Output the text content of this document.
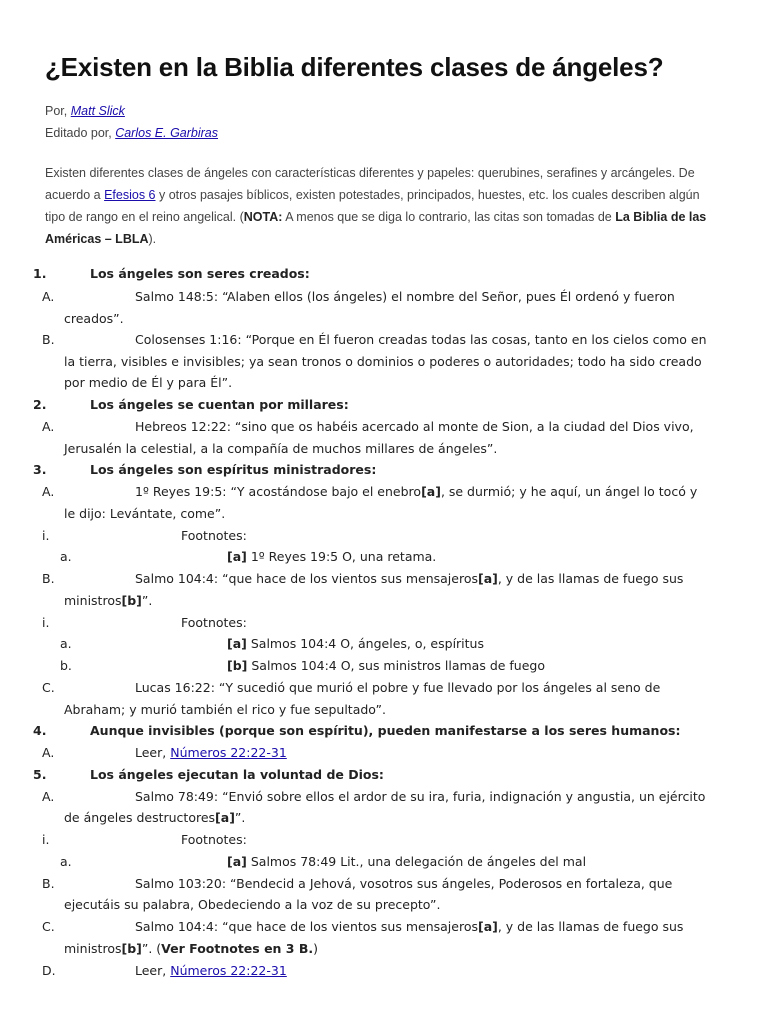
¿Existen en la Biblia diferentes clases de ángeles?
Por, Matt Slick
Editado por, Carlos E. Garbiras
Existen diferentes clases de ángeles con características diferentes y papeles: querubines, serafines y arcángeles. De
acuerdo a Efesios 6 y otros pasajes bíblicos, existen potestades, principados, huestes, etc. los cuales describen algún
tipo de rango en el reino angelical. (NOTA: A menos que se diga lo contrario, las citas son tomadas de La Biblia de las
Américas – LBLA).
1.	Los ángeles son seres creados:
A.	Salmo 148:5: “Alaben ellos (los ángeles) el nombre del Señor, pues Él ordenó y fueron
creados”.
B.	Colosenses 1:16: “Porque en Él fueron creadas todas las cosas, tanto en los cielos como en
la tierra, visibles e invisibles; ya sean tronos o dominios o poderes o autoridades; todo ha sido creado
por medio de Él y para Él”.
2.	Los ángeles se cuentan por millares:
A.	Hebreos 12:22: “sino que os habéis acercado al monte de Sion, a la ciudad del Dios vivo,
Jerusalén la celestial, a la compañía de muchos millares de ángeles”.
3.	Los ángeles son espíritus ministradores:
A.	1º Reyes 19:5: “Y acostándose bajo el enebro[a], se durmió; y he aquí, un ángel lo tocó y
le dijo: Levántate, come”.
i.	Footnotes:
a.	[a] 1º Reyes 19:5 O, una retama.
B.	Salmo 104:4: “que hace de los vientos sus mensajeros[a], y de las llamas de fuego sus
ministros[b]”.
i.	Footnotes:
a.	[a] Salmos 104:4 O, ángeles, o, espíritus
b.	[b] Salmos 104:4 O, sus ministros llamas de fuego
C.	Lucas 16:22: “Y sucedió que murió el pobre y fue llevado por los ángeles al seno de
Abraham; y murió también el rico y fue sepultado”.
4.	Aunque invisibles (porque son espíritu), pueden manifestarse a los seres humanos:
A.	Leer, Números 22:22-31
5.	Los ángeles ejecutan la voluntad de Dios:
A.	Salmo 78:49: “Envió sobre ellos el ardor de su ira, furia, indignación y angustia, un ejército
de ángeles destructores[a]”.
i.	Footnotes:
a.	[a] Salmos 78:49 Lit., una delegación de ángeles del mal
B.	Salmo 103:20: “Bendecid a Jehová, vosotros sus ángeles, Poderosos en fortaleza, que
ejecutáis su palabra, Obedeciendo a la voz de su precepto”.
C.	Salmo 104:4: “que hace de los vientos sus mensajeros[a], y de las llamas de fuego sus
ministros[b]”. (Ver Footnotes en 3 B.)
D.	Leer, Números 22:22-31
